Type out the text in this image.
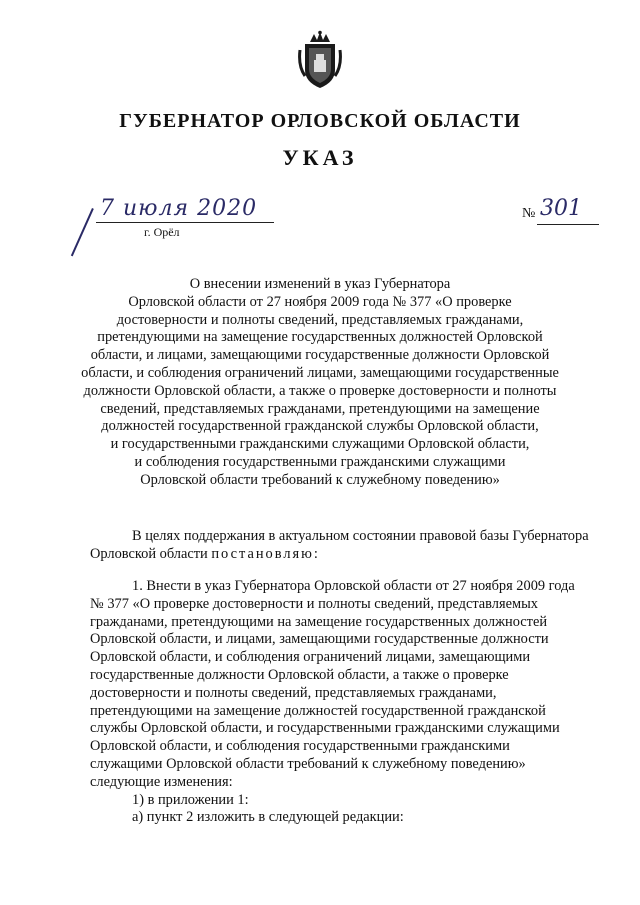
ГУБЕРНАТОР ОРЛОВСКОЙ ОБЛАСТИ
УКАЗ
7 июля 2020
г. Орёл
№ 301
О внесении изменений в указ Губернатора
Орловской области от 27 ноября 2009 года № 377 «О проверке
достоверности и полноты сведений, представляемых гражданами,
претендующими на замещение государственных должностей Орловской
области, и лицами, замещающими государственные должности Орловской
области, и соблюдения ограничений лицами, замещающими государственные
должности Орловской области, а также о проверке достоверности и полноты
сведений, представляемых гражданами, претендующими на замещение
должностей государственной гражданской службы Орловской области,
и государственными гражданскими служащими Орловской области,
и соблюдения государственными гражданскими служащими
Орловской области требований к служебному поведению»
В целях поддержания в актуальном состоянии правовой базы Губернатора
Орловской области постановляю:
1. Внести в указ Губернатора Орловской области от 27 ноября 2009 года
№ 377 «О проверке достоверности и полноты сведений, представляемых
гражданами, претендующими на замещение государственных должностей
Орловской области, и лицами, замещающими государственные должности
Орловской области, и соблюдения ограничений лицами, замещающими
государственные должности Орловской области, а также о проверке
достоверности и полноты сведений, представляемых гражданами,
претендующими на замещение должностей государственной гражданской
службы Орловской области, и государственными гражданскими служащими
Орловской области, и соблюдения государственными гражданскими
служащими Орловской области требований к служебному поведению»
следующие изменения:
1) в приложении 1:
а) пункт 2 изложить в следующей редакции:
